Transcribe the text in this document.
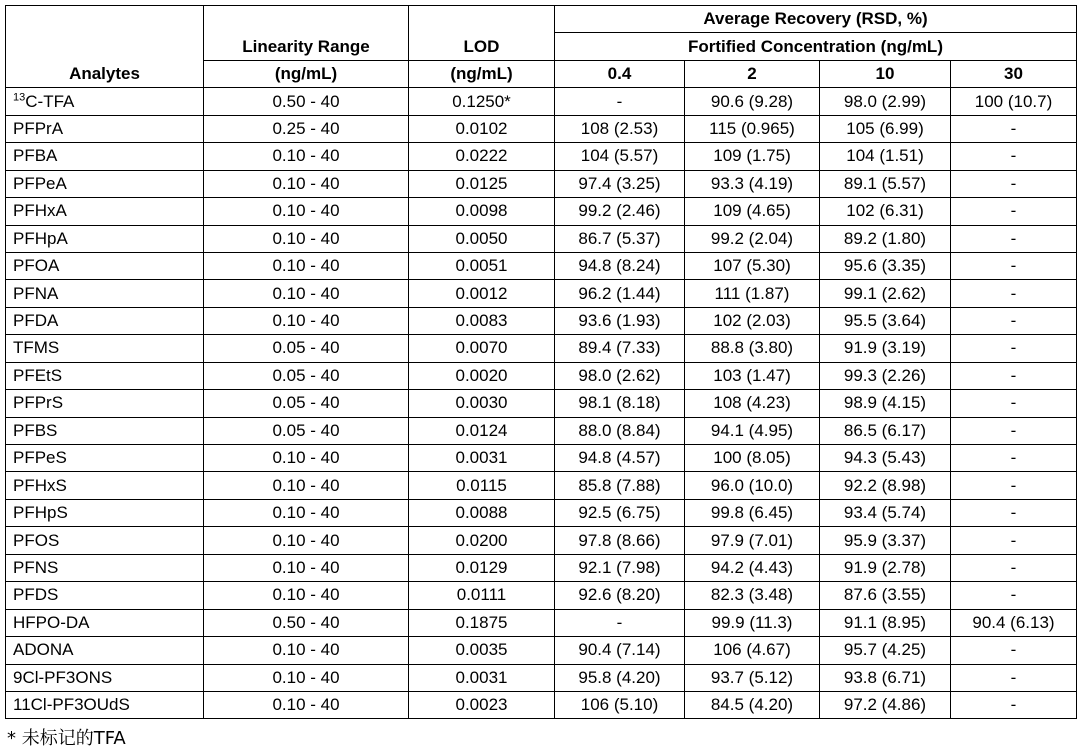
Analytes	Linearity Range	LOD	Average Recovery (RSD, %)			
			Fortified Concentration (ng/mL)			
	(ng/mL)	(ng/mL)	0.4	2	10	30
$^{13}$C-TFA	0.50 - 40	0.1250*	-	90.6 (9.28)	98.0 (2.99)	100 (10.7)
PFPrA	0.25 - 40	0.0102	108 (2.53)	115 (0.965)	105 (6.99)	-
PFBA	0.10 - 40	0.0222	104 (5.57)	109 (1.75)	104 (1.51)	-
PFPeA	0.10 - 40	0.0125	97.4 (3.25)	93.3 (4.19)	89.1 (5.57)	-
PFHxA	0.10 - 40	0.0098	99.2 (2.46)	109 (4.65)	102 (6.31)	-
PFHpA	0.10 - 40	0.0050	86.7 (5.37)	99.2 (2.04)	89.2 (1.80)	-
PFOA	0.10 - 40	0.0051	94.8 (8.24)	107 (5.30)	95.6 (3.35)	-
PFNA	0.10 - 40	0.0012	96.2 (1.44)	111 (1.87)	99.1 (2.62)	-
PFDA	0.10 - 40	0.0083	93.6 (1.93)	102 (2.03)	95.5 (3.64)	-
TFMS	0.05 - 40	0.0070	89.4 (7.33)	88.8 (3.80)	91.9 (3.19)	-
PFEtS	0.05 - 40	0.0020	98.0 (2.62)	103 (1.47)	99.3 (2.26)	-
PFPrS	0.05 - 40	0.0030	98.1 (8.18)	108 (4.23)	98.9 (4.15)	-
PFBS	0.05 - 40	0.0124	88.0 (8.84)	94.1 (4.95)	86.5 (6.17)	-
PFPeS	0.10 - 40	0.0031	94.8 (4.57)	100 (8.05)	94.3 (5.43)	-
PFHxS	0.10 - 40	0.0115	85.8 (7.88)	96.0 (10.0)	92.2 (8.98)	-
PFHpS	0.10 - 40	0.0088	92.5 (6.75)	99.8 (6.45)	93.4 (5.74)	-
PFOS	0.10 - 40	0.0200	97.8 (8.66)	97.9 (7.01)	95.9 (3.37)	-
PFNS	0.10 - 40	0.0129	92.1 (7.98)	94.2 (4.43)	91.9 (2.78)	-
PFDS	0.10 - 40	0.0111	92.6 (8.20)	82.3 (3.48)	87.6 (3.55)	-
HFPO-DA	0.50 - 40	0.1875	-	99.9 (11.3)	91.1 (8.95)	90.4 (6.13)
ADONA	0.10 - 40	0.0035	90.4 (7.14)	106 (4.67)	95.7 (4.25)	-
9Cl-PF3ONS	0.10 - 40	0.0031	95.8 (4.20)	93.7 (5.12)	93.8 (6.71)	-
11Cl-PF3OUdS	0.10 - 40	0.0023	106 (5.10)	84.5 (4.20)	97.2 (4.86)	-
* 未标记的TFA
